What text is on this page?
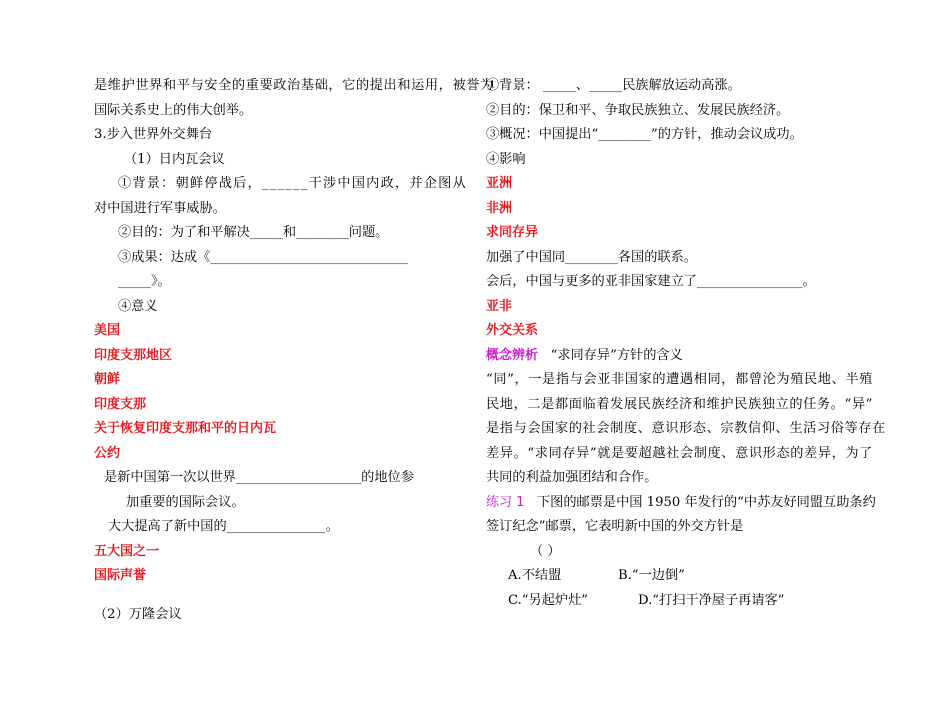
是维护世界和平与安全的重要政治基础，它的提出和运用，被誉为
国际关系史上的伟大创举。
3.步入世界外交舞台
（1）日内瓦会议
①背景：朝鲜停战后，______干涉中国内政，并企图从
对中国进行军事威胁。
②目的：为了和平解决_____和________问题。
③成果：达成《______________________________
_____》。
④意义
美国
印度支那地区
朝鲜
印度支那
关于恢复印度支那和平的日内瓦
公约
是新中国第一次以世界___________________的地位参
加重要的国际会议。
大大提高了新中国的_______________。
五大国之一
国际声誉
（2）万隆会议
①背景： _____、_____民族解放运动高涨。
②目的：保卫和平、争取民族独立、发展民族经济。
③概况：中国提出“________”的方针，推动会议成功。
④影响
亚洲
非洲
求同存异
加强了中国同________各国的联系。
会后，中国与更多的亚非国家建立了________________。
亚非
外交关系
概念辨析 “求同存异”方针的含义
“同”，一是指与会亚非国家的遭遇相同，都曾沦为殖民地、半殖
民地，二是都面临着发展民族经济和维护民族独立的任务。“异”
是指与会国家的社会制度、意识形态、宗教信仰、生活习俗等存在
差异。“求同存异”就是要超越社会制度、意识形态的差异，为了
共同的利益加强团结和合作。
练习 1 下图的邮票是中国 1950 年发行的“中苏友好同盟互助条约
签订纪念”邮票，它表明新中国的外交方针是
（ ）
A.不结盟	B.“一边倒”
C.“另起炉灶”	D.“打扫干净屋子再请客”
